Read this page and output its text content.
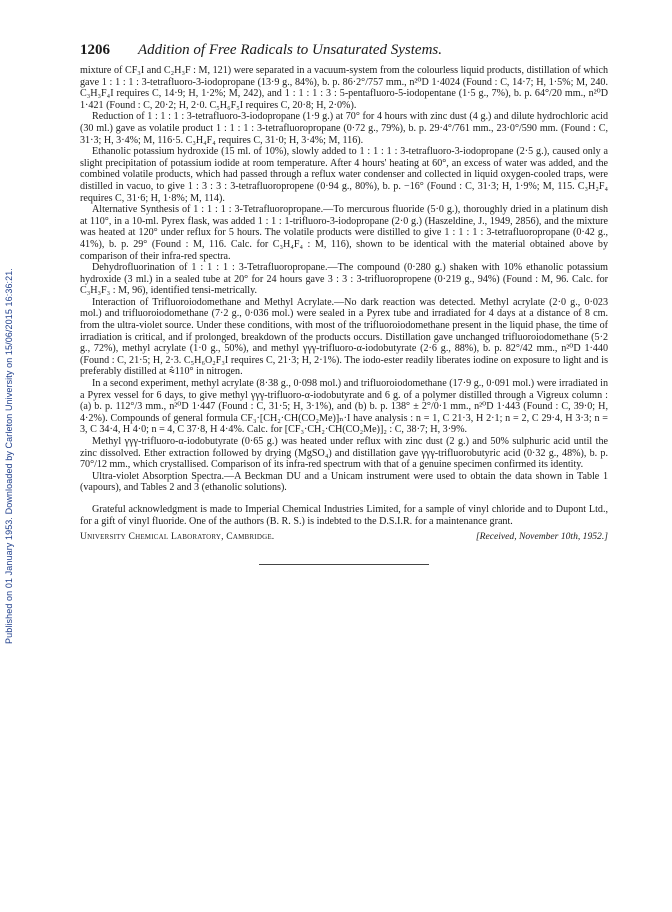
Published on 01 January 1953. Downloaded by Carleton University on 15/06/2015 16:36:21.
1206	Addition of Free Radicals to Unsaturated Systems.

mixture of CF₃I and C₂H₃F : M, 121) were separated in a vacuum-system from the colourless liquid products, distillation of which gave 1 : 1 : 1 : 3-tetrafluoro-3-iodopropane (13·9 g., 84%), b. p. 86·2°/757 mm., n²⁰D 1·4024 (Found : C, 14·7; H, 1·5%; M, 240. C₃H₃F₄I requires C, 14·9; H, 1·2%; M, 242), and 1 : 1 : 1 : 3 : 5-pentafluoro-5-iodopentane (1·5 g., 7%), b. p. 64°/20 mm., n²⁰D 1·421 (Found : C, 20·2; H, 2·0. C₅H₆F₅I requires C, 20·8; H, 2·0%).

Reduction of 1 : 1 : 1 : 3-tetrafluoro-3-iodopropane (1·9 g.) at 70° for 4 hours with zinc dust (4 g.) and dilute hydrochloric acid (30 ml.) gave as volatile product 1 : 1 : 1 : 3-tetrafluoropropane (0·72 g., 79%), b. p. 29·4°/761 mm., 23·0°/590 mm. (Found : C, 31·3; H, 3·4%; M, 116·5. C₃H₄F₄ requires C, 31·0; H, 3·4%; M, 116).

Ethanolic potassium hydroxide (15 ml. of 10%), slowly added to 1 : 1 : 1 : 3-tetrafluoro-3-iodopropane (2·5 g.), caused only a slight precipitation of potassium iodide at room temperature. After 4 hours' heating at 60°, an excess of water was added, and the combined volatile products, which had passed through a reflux water condenser and collected in liquid oxygen-cooled traps, were distilled in vacuo, to give 1 : 3 : 3 : 3-tetrafluoropropene (0·94 g., 80%), b. p. −16° (Found : C, 31·3; H, 1·9%; M, 115. C₃H₂F₄ requires C, 31·6; H, 1·8%; M, 114).

Alternative Synthesis of 1 : 1 : 1 : 3-Tetrafluoropropane.—To mercurous fluoride (5·0 g.), thoroughly dried in a platinum dish at 110°, in a 10-ml. Pyrex flask, was added 1 : 1 : 1-trifluoro-3-iodopropane (2·0 g.) (Haszeldine, J., 1949, 2856), and the mixture was heated at 120° under reflux for 5 hours. The volatile products were distilled to give 1 : 1 : 1 : 3-tetrafluoropropane (0·42 g., 41%), b. p. 29° (Found : M, 116. Calc. for C₃H₄F₄ : M, 116), shown to be identical with the material obtained above by comparison of their infra-red spectra.

Dehydrofluorination of 1 : 1 : 1 : 3-Tetrafluoropropane.—The compound (0·280 g.) shaken with 10% ethanolic potassium hydroxide (3 ml.) in a sealed tube at 20° for 24 hours gave 3 : 3 : 3-trifluoropropene (0·219 g., 94%) (Found : M, 96. Calc. for C₃H₃F₃ : M, 96), identified tensi-metrically.

Interaction of Trifluoroiodomethane and Methyl Acrylate.—No dark reaction was detected. Methyl acrylate (2·0 g., 0·023 mol.) and trifluoroiodomethane (7·2 g., 0·036 mol.) were sealed in a Pyrex tube and irradiated for 4 days at a distance of 8 cm. from the ultra-violet source. Under these conditions, with most of the trifluoroiodomethane present in the liquid phase, the time of irradiation is critical, and if prolonged, breakdown of the products occurs. Distillation gave unchanged trifluoroiodomethane (5·2 g., 72%), methyl acrylate (1·0 g., 50%), and methyl γγγ-trifluoro-α-iodobutyrate (2·6 g., 88%), b. p. 82°/42 mm., n²⁰D 1·440 (Found : C, 21·5; H, 2·3. C₅H₆O₂F₃I requires C, 21·3; H, 2·1%). The iodo-ester readily liberates iodine on exposure to light and is preferably distilled at ⩯110° in nitrogen.

In a second experiment, methyl acrylate (8·38 g., 0·098 mol.) and trifluoroiodomethane (17·9 g., 0·091 mol.) were irradiated in a Pyrex vessel for 6 days, to give methyl γγγ-trifluoro-α-iodobutyrate and 6 g. of a polymer distilled through a Vigreux column : (a) b. p. 112°/3 mm., n²⁰D 1·447 (Found : C, 31·5; H, 3·1%), and (b) b. p. 138° ± 2°/0·1 mm., n²⁰D 1·443 (Found : C, 39·0; H, 4·2%). Compounds of general formula CF₃·[CH₂·CH(CO₂Me)]ₙ·I have analysis : n = 1, C 21·3, H 2·1; n = 2, C 29·4, H 3·3; n = 3, C 34·4, H 4·0; n = 4, C 37·8, H 4·4%. Calc. for [CF₃·CH₂·CH(CO₂Me)]₂ : C, 38·7; H, 3·9%.

Methyl γγγ-trifluoro-α-iodobutyrate (0·65 g.) was heated under reflux with zinc dust (2 g.) and 50% sulphuric acid until the zinc dissolved. Ether extraction followed by drying (MgSO₄) and distillation gave γγγ-trifluorobutyric acid (0·32 g., 48%), b. p. 70°/12 mm., which crystallised. Comparison of its infra-red spectrum with that of a genuine specimen confirmed its identity.

Ultra-violet Absorption Spectra.—A Beckman DU and a Unicam instrument were used to obtain the data shown in Table 1 (vapours), and Tables 2 and 3 (ethanolic solutions).

Grateful acknowledgment is made to Imperial Chemical Industries Limited, for a sample of vinyl chloride and to Dupont Ltd., for a gift of vinyl fluoride. One of the authors (B. R. S.) is indebted to the D.S.I.R. for a maintenance grant.

University Chemical Laboratory, Cambridge.	[Received, November 10th, 1952.]
